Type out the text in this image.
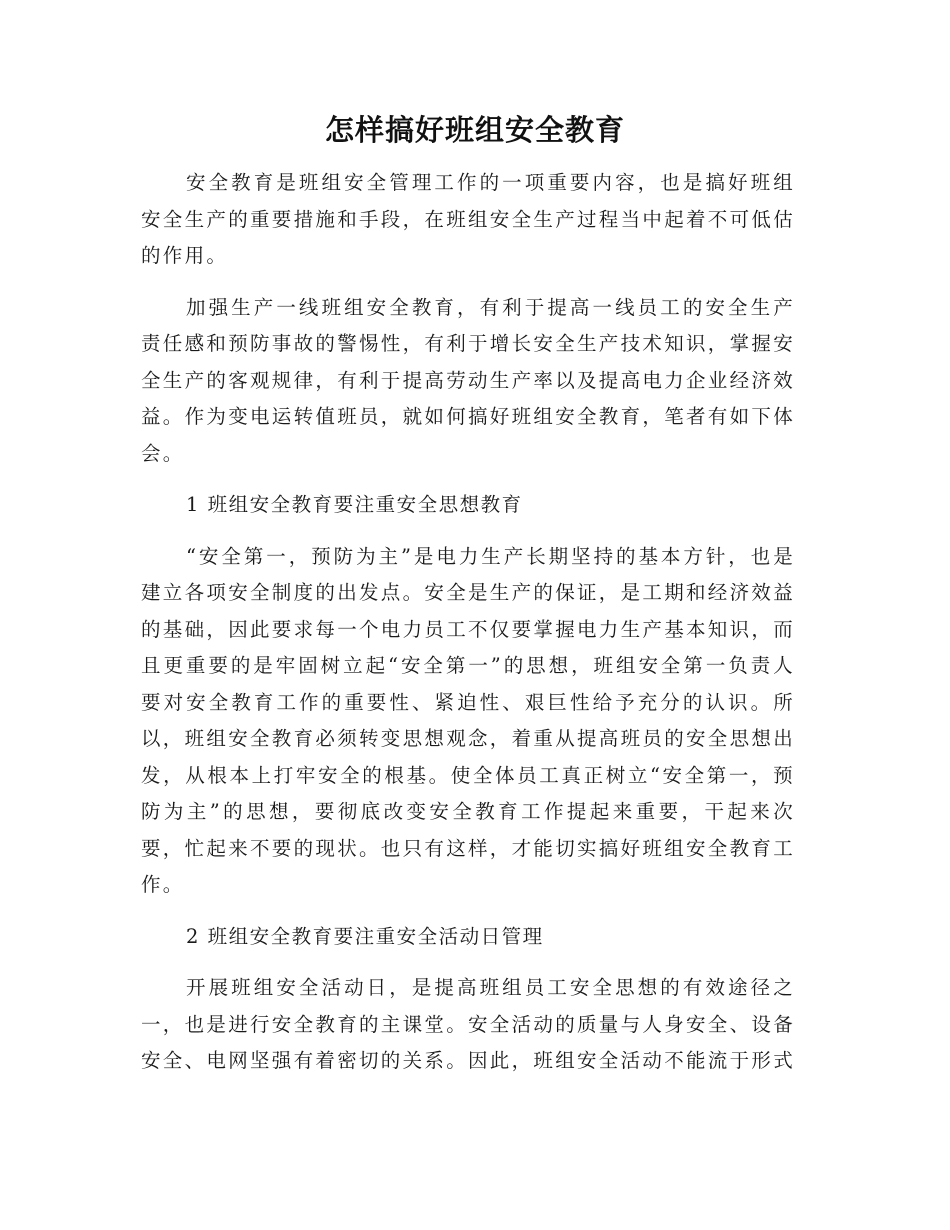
怎样搞好班组安全教育

安全教育是班组安全管理工作的一项重要内容，也是搞好班组安全生产的重要措施和手段，在班组安全生产过程当中起着不可低估的作用。

加强生产一线班组安全教育，有利于提高一线员工的安全生产责任感和预防事故的警惕性，有利于增长安全生产技术知识，掌握安全生产的客观规律，有利于提高劳动生产率以及提高电力企业经济效益。作为变电运转值班员，就如何搞好班组安全教育，笔者有如下体会。

1 班组安全教育要注重安全思想教育

“安全第一，预防为主”是电力生产长期坚持的基本方针，也是建立各项安全制度的出发点。安全是生产的保证，是工期和经济效益的基础，因此要求每一个电力员工不仅要掌握电力生产基本知识，而且更重要的是牢固树立起“安全第一”的思想，班组安全第一负责人要对安全教育工作的重要性、紧迫性、艰巨性给予充分的认识。所以，班组安全教育必须转变思想观念，着重从提高班员的安全思想出发，从根本上打牢安全的根基。使全体员工真正树立“安全第一，预防为主”的思想，要彻底改变安全教育工作提起来重要，干起来次要，忙起来不要的现状。也只有这样，才能切实搞好班组安全教育工作。

2 班组安全教育要注重安全活动日管理

开展班组安全活动日，是提高班组员工安全思想的有效途径之一，也是进行安全教育的主课堂。安全活动的质量与人身安全、设备安全、电网坚强有着密切的关系。因此，班组安全活动不能流于形式
